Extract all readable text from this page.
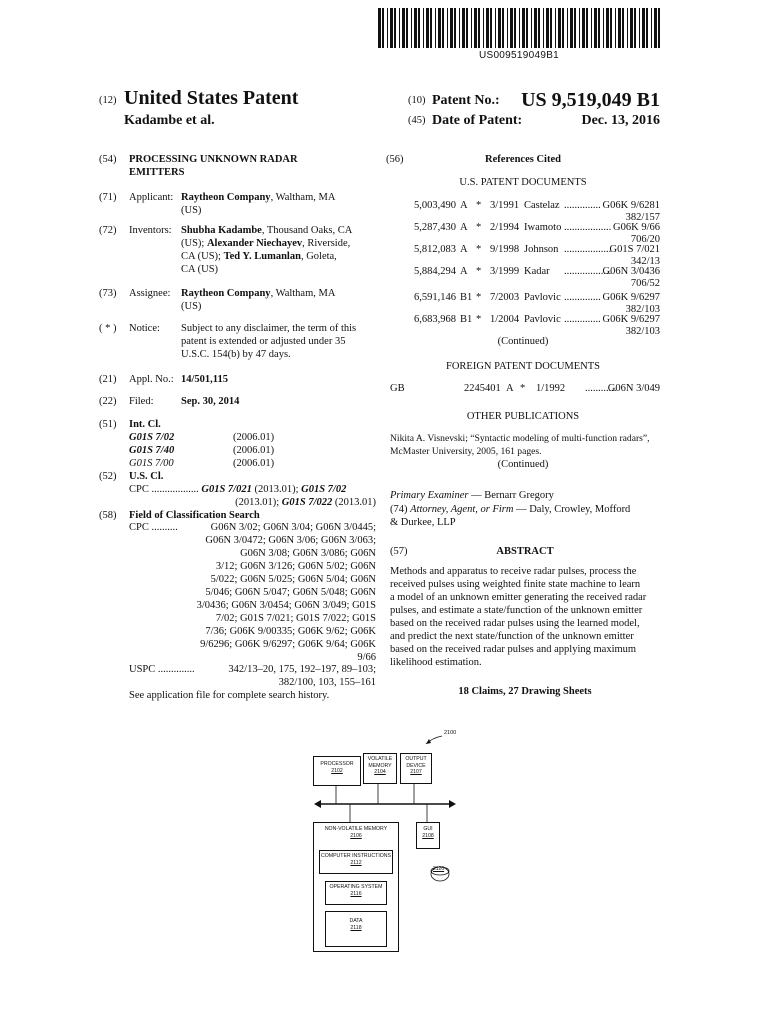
US009519049B1
(12) United States Patent
Kadambe et al.
(10) Patent No.: US 9,519,049 B1
(45) Date of Patent:	Dec. 13, 2016
(54)	PROCESSING UNKNOWN RADAR
EMITTERS
(71)	Applicant: Raytheon Company, Waltham, MA
(US)
(72)	Inventors: Shubha Kadambe, Thousand Oaks, CA
(US); Alexander Niechayev, Riverside,
CA (US); Ted Y. Lumanlan, Goleta,
CA (US)
(73)	Assignee:	Raytheon Company, Waltham, MA
(US)
( * )	Notice:	Subject to any disclaimer, the term of this
patent is extended or adjusted under 35
U.S.C. 154(b) by 47 days.
(21)	Appl. No.: 14/501,115
(22)	Filed:	Sep. 30, 2014
(51)	Int. Cl.
G01S 7/02	(2006.01)
G01S 7/40	(2006.01)
G01S 7/00	(2006.01)
(52)	U.S. Cl.
CPC .................. G01S 7/021 (2013.01); G01S 7/02
(2013.01); G01S 7/022 (2013.01)
(58)	Field of Classification Search
CPC ..........	G06N 3/02; G06N 3/04; G06N 3/0445;
G06N 3/0472; G06N 3/06; G06N 3/063;
G06N 3/08; G06N 3/086; G06N
3/12; G06N 3/126; G06N 5/02; G06N
5/022; G06N 5/025; G06N 5/04; G06N
5/046; G06N 5/047; G06N 5/048; G06N
3/0436; G06N 3/0454; G06N 3/049; G01S
7/02; G01S 7/021; G01S 7/022; G01S
7/36; G06K 9/00335; G06K 9/62; G06K
9/6296; G06K 9/6297; G06K 9/64; G06K
9/66
USPC ..............	342/13–20, 175, 192–197, 89–103;
382/100, 103, 155–161
See application file for complete search history.
(56)	References Cited
U.S. PATENT DOCUMENTS
5,003,490 A * 3/1991 Castelaz .............. G06K 9/6281
382/157
5,287,430 A * 2/1994 Iwamoto .................. G06K 9/66
706/20
5,812,083 A * 9/1998 Johnson ..................
G01S 7/021
342/13
5,884,294 A * 3/1999 Kadar ..................
G06N 3/0436
706/52
6,591,146 B1 * 7/2003 Pavlovic .............. G06K 9/6297
382/103
6,683,968 B1 * 1/2004 Pavlovic .............. G06K 9/6297
382/103
(Continued)
FOREIGN PATENT DOCUMENTS
GB	2245401 A * 1/1992 ............
G06N 3/049
OTHER PUBLICATIONS
Nikita A. Visnevski; “Syntactic modeling of multi-function radars”,
McMaster University, 2005, 161 pages.
(Continued)
Primary Examiner — Bernarr Gregory
(74) Attorney, Agent, or Firm — Daly, Crowley, Mofford
& Durkee, LLP
(57)	ABSTRACT
Methods and apparatus to receive radar pulses, process the
received pulses using weighted finite state machine to learn
a model of an unknown emitter generating the received radar
pulses, and estimate a state/function of the unknown emitter
based on the received radar pulses using the learned model,
and predict the next state/function of the unknown emitter
based on the received radar pulses and applying maximum
likelihood estimation.
18 Claims, 27 Drawing Sheets
2100
PROCESSOR
2102
VOLATILE
MEMORY
2104
OUTPUT
DEVICE
2107
NON-VOLATILE MEMORY
2106
COMPUTER INSTRUCTIONS
2112
OPERATING SYSTEM
2116
DATA
2118
GUI
2108
2120
